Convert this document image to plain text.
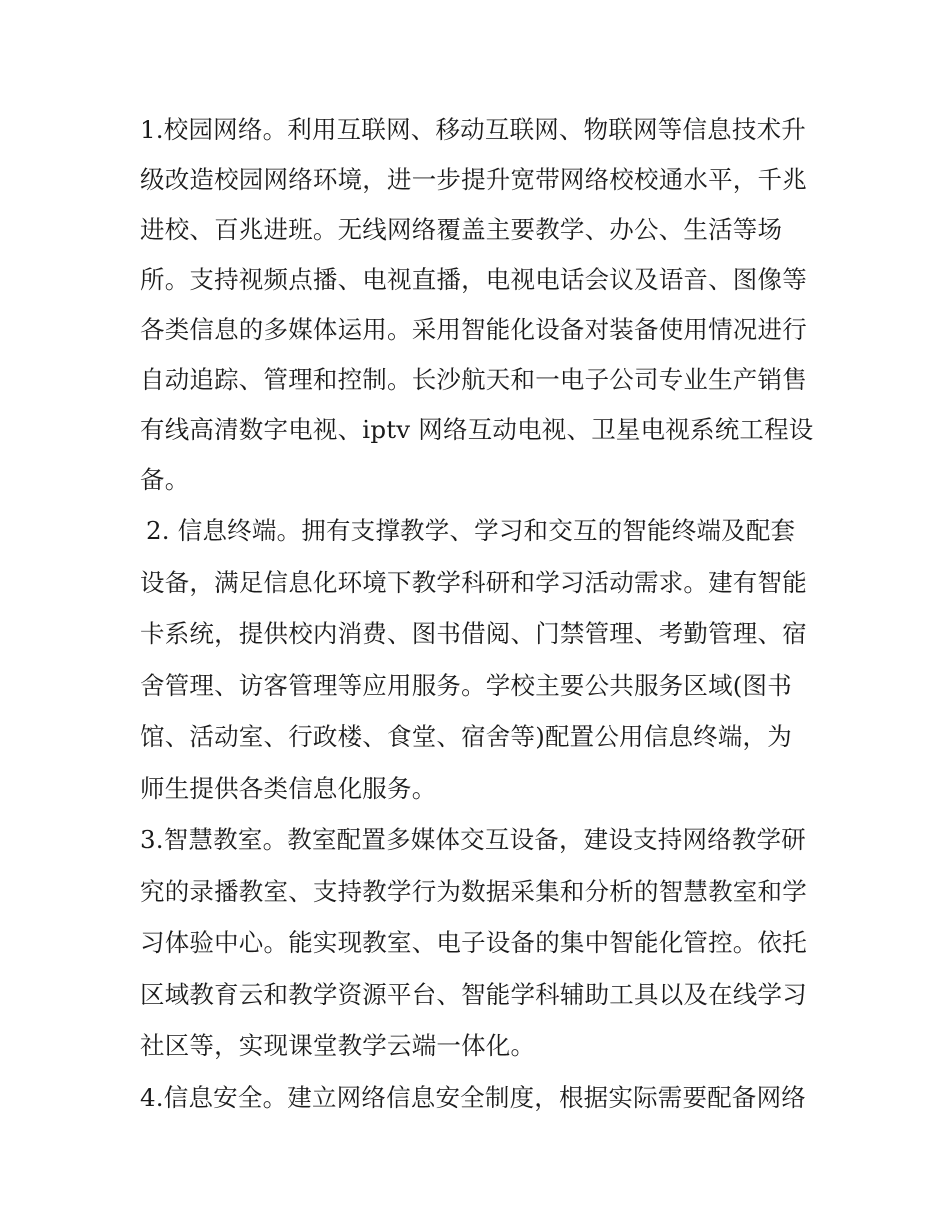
1.校园网络。利用互联网、移动互联网、物联网等信息技术升
级改造校园网络环境，进一步提升宽带网络校校通水平，千兆
进校、百兆进班。无线网络覆盖主要教学、办公、生活等场
所。支持视频点播、电视直播，电视电话会议及语音、图像等
各类信息的多媒体运用。采用智能化设备对装备使用情况进行
自动追踪、管理和控制。长沙航天和一电子公司专业生产销售
有线高清数字电视、iptv 网络互动电视、卫星电视系统工程设
备。
2. 信息终端。拥有支撑教学、学习和交互的智能终端及配套
设备，满足信息化环境下教学科研和学习活动需求。建有智能
卡系统，提供校内消费、图书借阅、门禁管理、考勤管理、宿
舍管理、访客管理等应用服务。学校主要公共服务区域(图书
馆、活动室、行政楼、食堂、宿舍等)配置公用信息终端，为
师生提供各类信息化服务。
3.智慧教室。教室配置多媒体交互设备，建设支持网络教学研
究的录播教室、支持教学行为数据采集和分析的智慧教室和学
习体验中心。能实现教室、电子设备的集中智能化管控。依托
区域教育云和教学资源平台、智能学科辅助工具以及在线学习
社区等，实现课堂教学云端一体化。
4.信息安全。建立网络信息安全制度，根据实际需要配备网络
